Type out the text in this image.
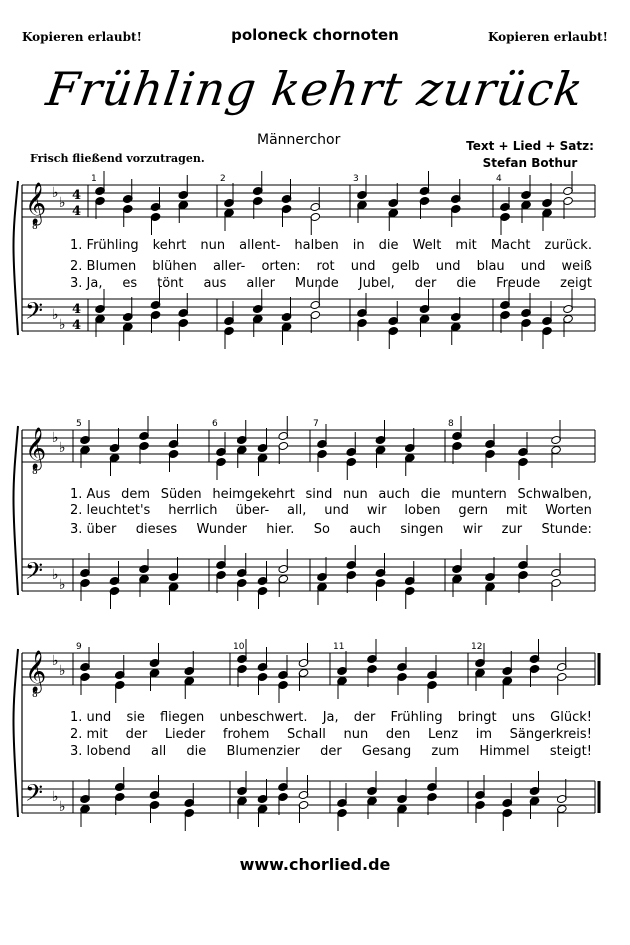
Kopieren erlaubt!	poloneck chornoten	Kopieren erlaubt!
Frühling kehrt zurück
Männerchor	Text + Lied + Satz:
Stefan Bothur
Frisch fließend vorzutragen.
𝄞
8
♭
♭ 4
4
𝄢 ♭
♭
4
4
1	2	3	4
𝄞
8
♭
♭
𝄢 ♭
♭
5	6	7	8
𝄞
8
♭
♭
𝄢 ♭
♭
9	10	11	12
1. Frühling kehrt nun allent- halben in die Welt mit Macht zurück.
2. Blumen blühen aller- orten: rot und gelb und blau und weiß
3. Ja, es tönt aus aller Munde Jubel, der die Freude zeigt
1. Aus dem Süden heimgekehrt sind nun auch die muntern Schwalben,
2. leuchtet's herrlich über- all, und wir loben gern mit Worten
3. über dieses Wunder hier. So auch singen wir zur Stunde:
1. und sie fliegen unbeschwert. Ja, der Frühling bringt uns Glück!
2. mit der Lieder frohem Schall nun den Lenz im Sängerkreis!
3. lobend all die Blumenzier der Gesang zum Himmel steigt!
www.chorlied.de
